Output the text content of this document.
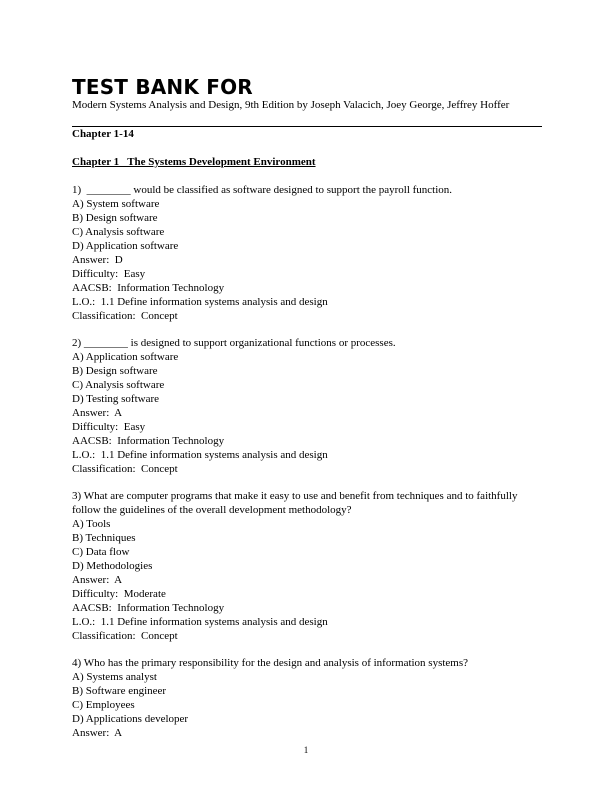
TEST BANK FOR

Modern Systems Analysis and Design, 9th Edition by Joseph Valacich, Joey George, Jeffrey Hoffer

Chapter 1-14

Chapter 1   The Systems Development Environment

1)  ________ would be classified as software designed to support the payroll function.

A) System software

B) Design software

C) Analysis software

D) Application software

Answer:  D

Difficulty:  Easy

AACSB:  Information Technology

L.O.:  1.1 Define information systems analysis and design

Classification:  Concept

2) ________ is designed to support organizational functions or processes.

A) Application software

B) Design software

C) Analysis software

D) Testing software

Answer:  A

Difficulty:  Easy

AACSB:  Information Technology

L.O.:  1.1 Define information systems analysis and design

Classification:  Concept

3) What are computer programs that make it easy to use and benefit from techniques and to faithfully follow the guidelines of the overall development methodology?

A) Tools

B) Techniques

C) Data flow

D) Methodologies

Answer:  A

Difficulty:  Moderate

AACSB:  Information Technology

L.O.:  1.1 Define information systems analysis and design

Classification:  Concept

4) Who has the primary responsibility for the design and analysis of information systems?

A) Systems analyst

B) Software engineer

C) Employees

D) Applications developer

Answer:  A

1
